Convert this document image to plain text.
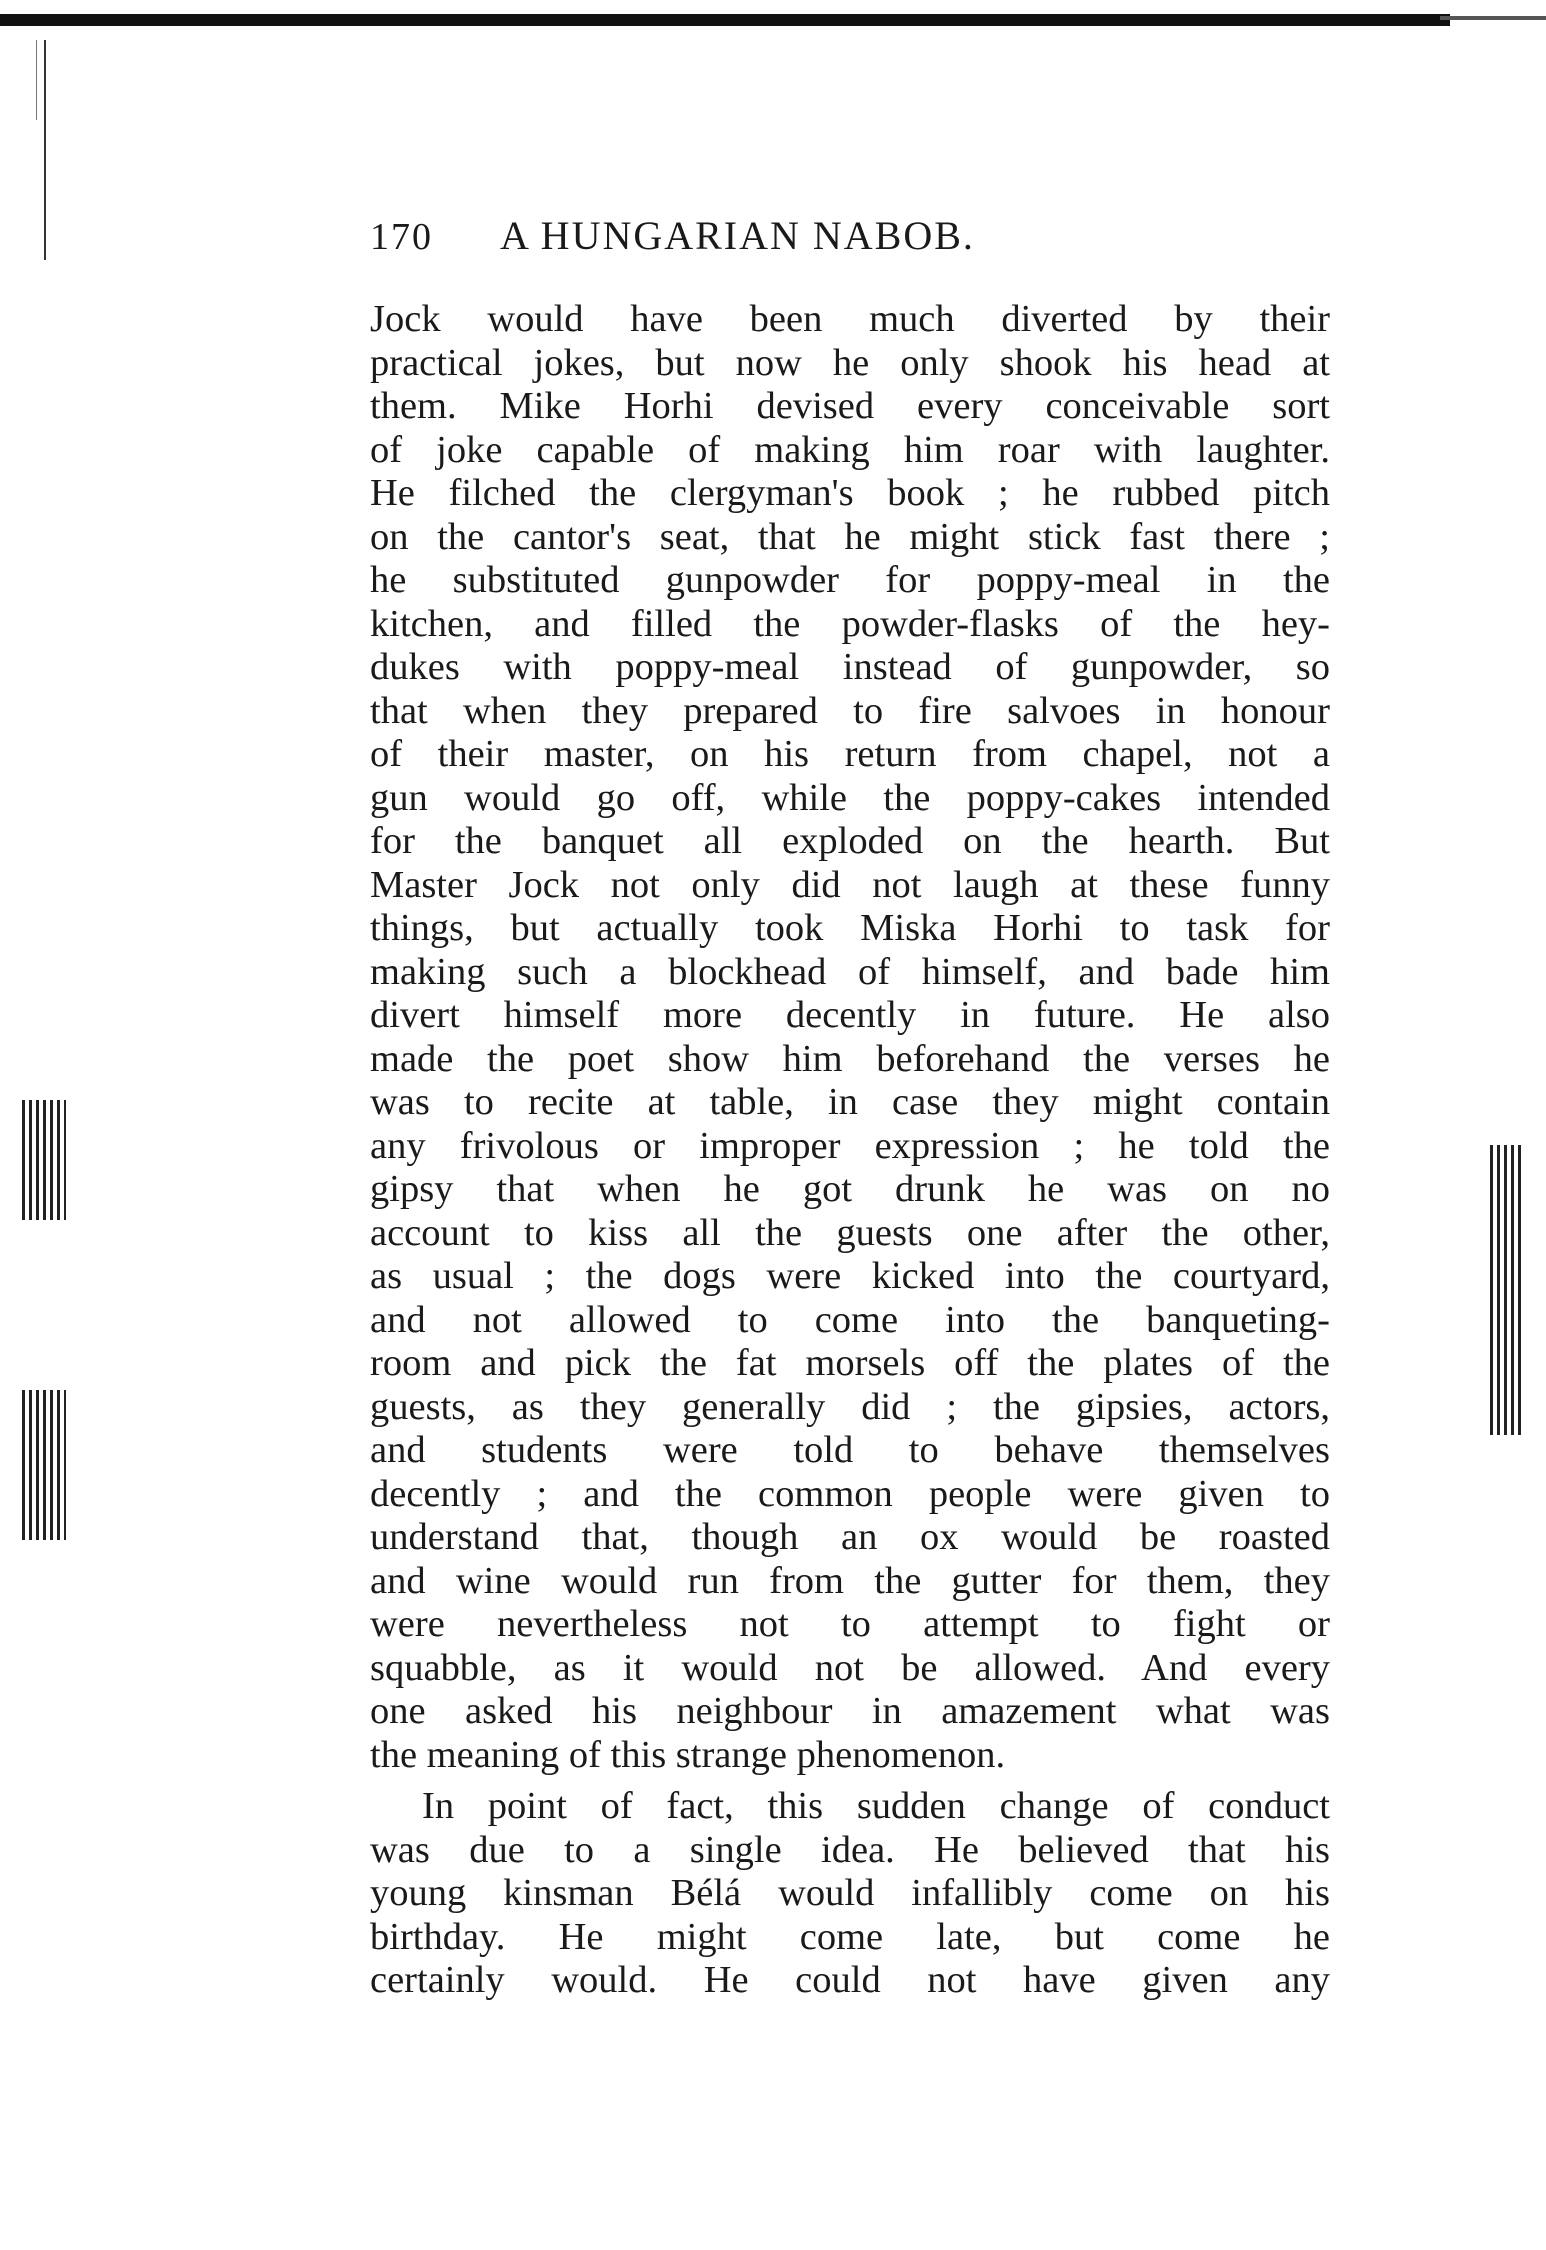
170	A HUNGARIAN NABOB.
Jock would have been much diverted by their
practical jokes, but now he only shook his head at
them. Mike Horhi devised every conceivable sort
of joke capable of making him roar with laughter.
He filched the clergyman's book ; he rubbed pitch
on the cantor's seat, that he might stick fast there ;
he substituted gunpowder for poppy-meal in the
kitchen, and filled the powder-flasks of the hey-
dukes with poppy-meal instead of gunpowder, so
that when they prepared to fire salvoes in honour
of their master, on his return from chapel, not a
gun would go off, while the poppy-cakes intended
for the banquet all exploded on the hearth. But
Master Jock not only did not laugh at these funny
things, but actually took Miska Horhi to task for
making such a blockhead of himself, and bade him
divert himself more decently in future. He also
made the poet show him beforehand the verses he
was to recite at table, in case they might contain
any frivolous or improper expression ; he told the
gipsy that when he got drunk he was on no
account to kiss all the guests one after the other,
as usual ; the dogs were kicked into the courtyard,
and not allowed to come into the banqueting-
room and pick the fat morsels off the plates of the
guests, as they generally did ; the gipsies, actors,
and students were told to behave themselves
decently ; and the common people were given to
understand that, though an ox would be roasted
and wine would run from the gutter for them, they
were nevertheless not to attempt to fight or
squabble, as it would not be allowed. And every
one asked his neighbour in amazement what was
the meaning of this strange phenomenon.
In point of fact, this sudden change of conduct
was due to a single idea. He believed that his
young kinsman Bélá would infallibly come on his
birthday. He might come late, but come he
certainly would. He could not have given any
